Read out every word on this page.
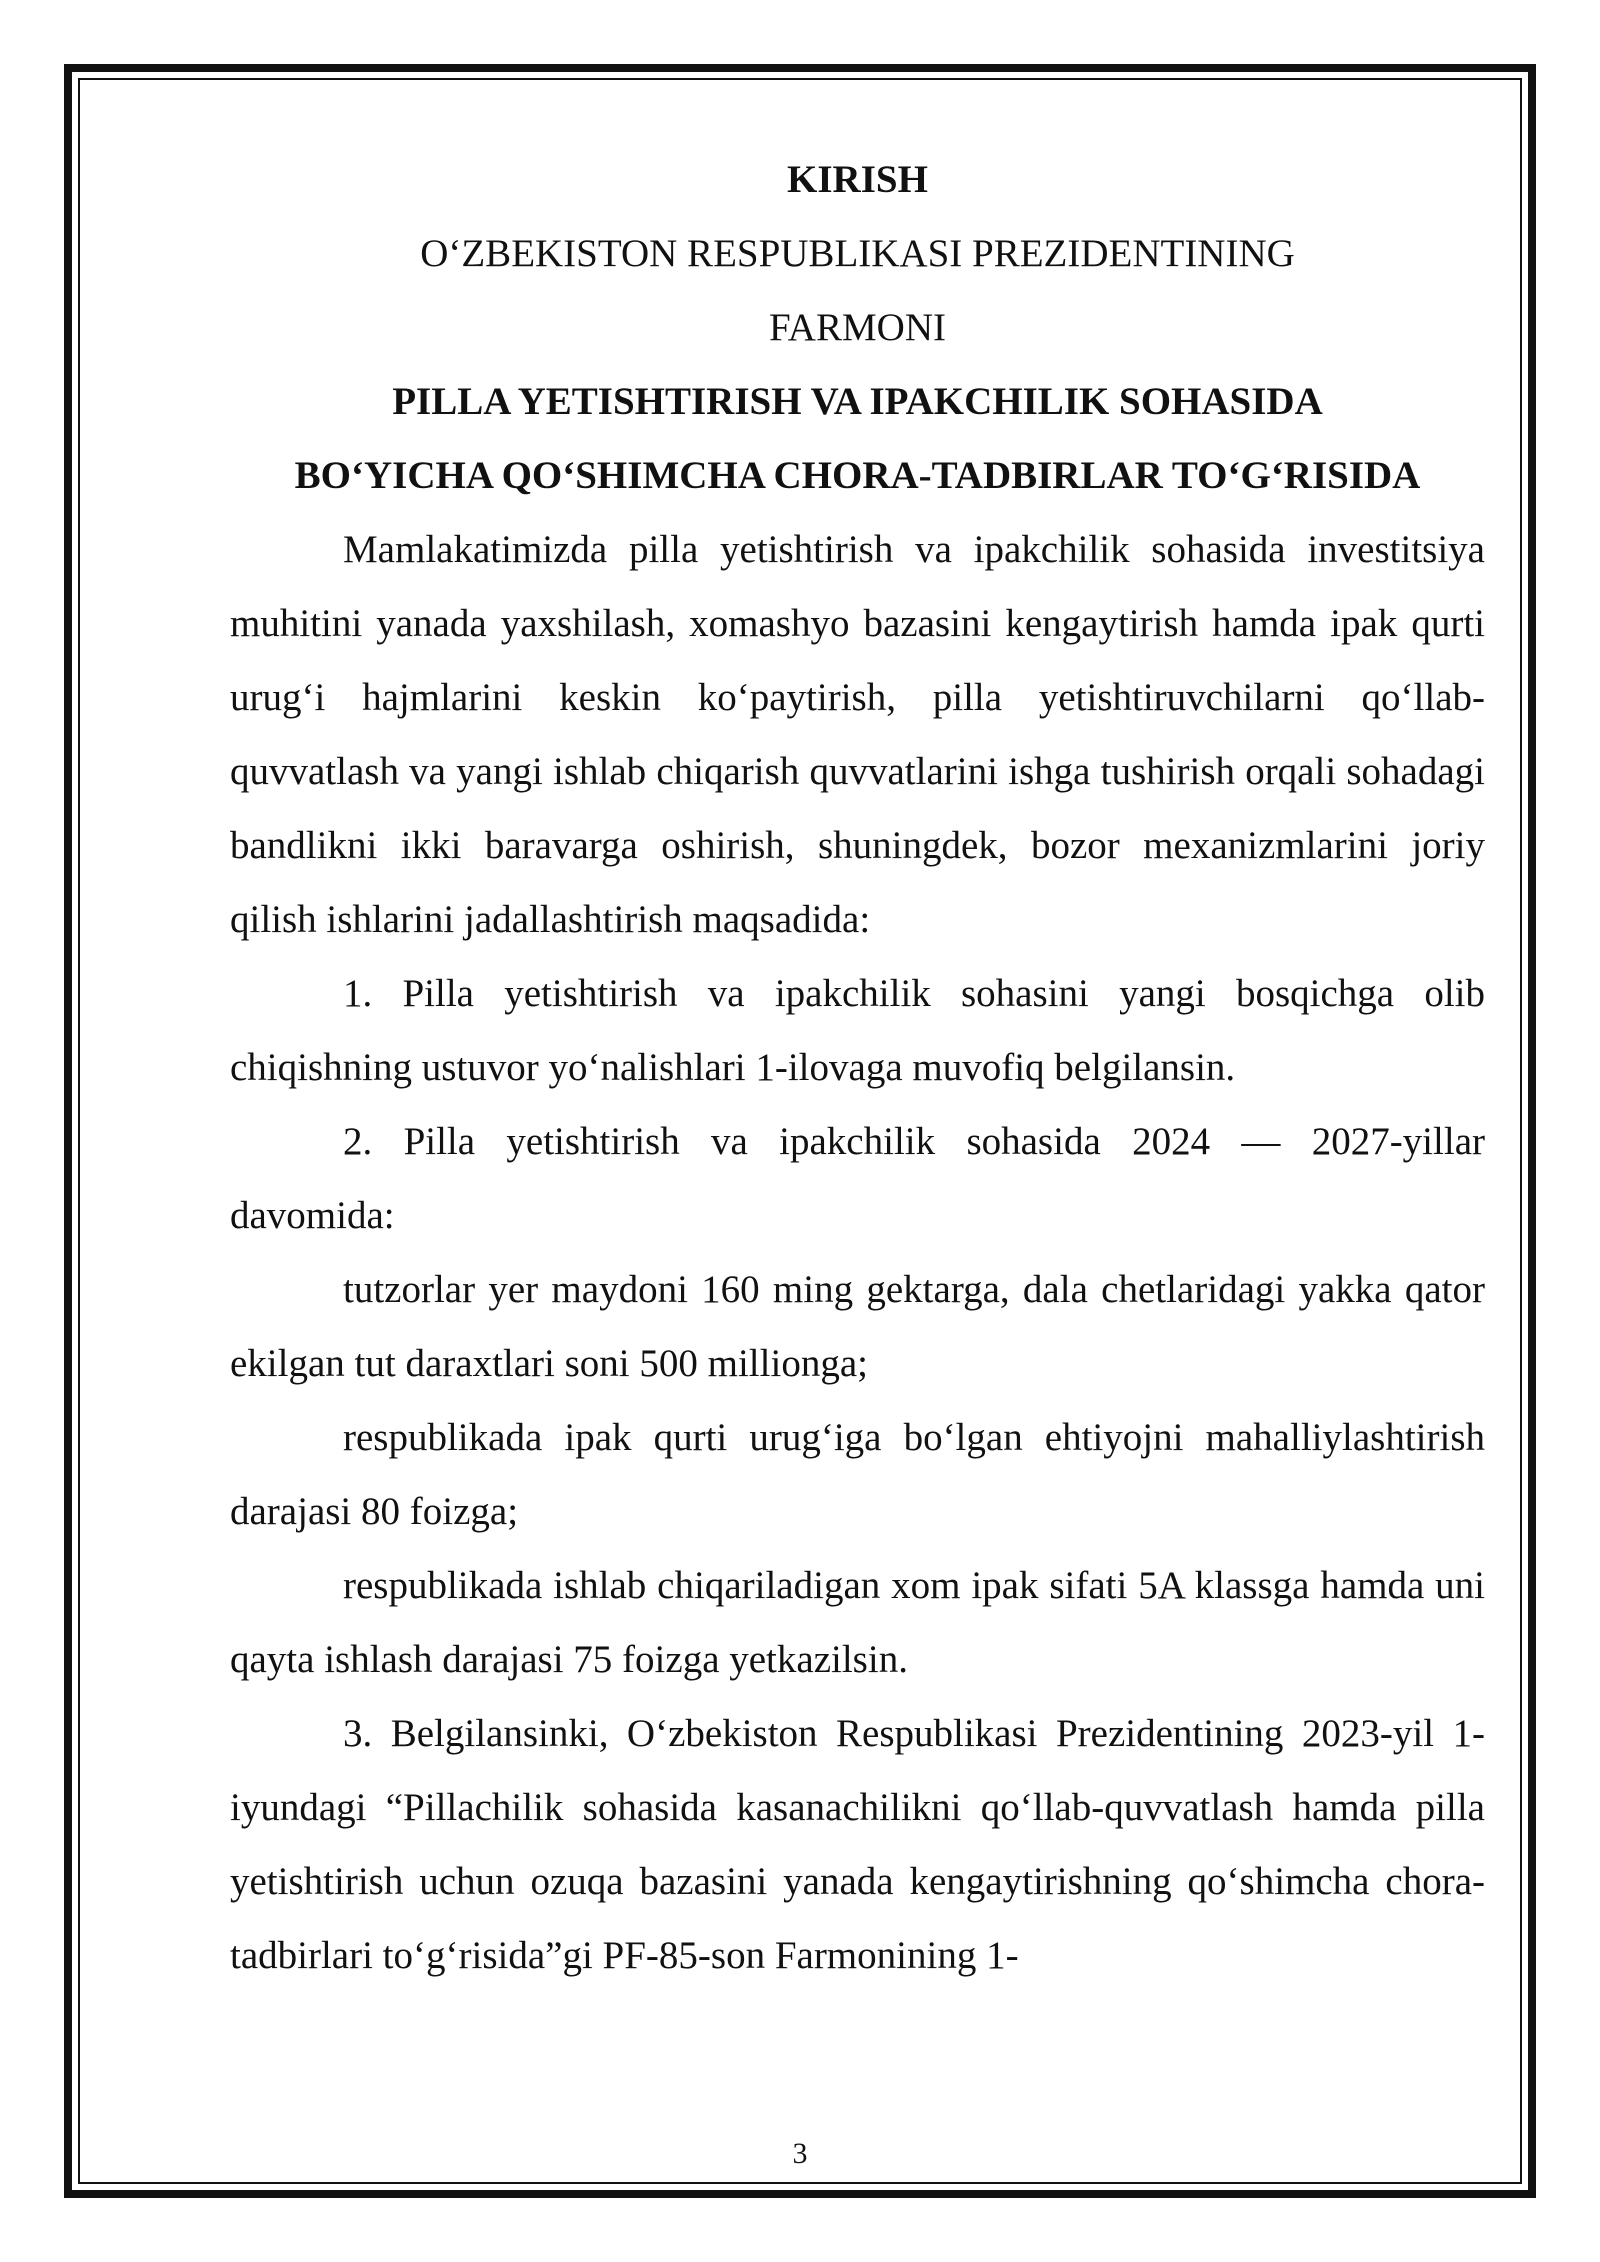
KIRISH

O‘ZBEKISTON RESPUBLIKASI PREZIDENTINING

FARMONI

PILLA YETISHTIRISH VA IPAKCHILIK SOHASIDA

BO‘YICHA QO‘SHIMCHA CHORA-TADBIRLAR TO‘G‘RISIDA

Mamlakatimizda pilla yetishtirish va ipakchilik sohasida investitsiya muhitini yanada yaxshilash, xomashyo bazasini kengaytirish hamda ipak qurti urug‘i hajmlarini keskin ko‘paytirish, pilla yetishtiruvchilarni qo‘llab-quvvatlash va yangi ishlab chiqarish quvvatlarini ishga tushirish orqali sohadagi bandlikni ikki baravarga oshirish, shuningdek, bozor mexanizmlarini joriy qilish ishlarini jadallashtirish maqsadida:

1. Pilla yetishtirish va ipakchilik sohasini yangi bosqichga olib chiqishning ustuvor yo‘nalishlari 1-ilovaga muvofiq belgilansin.

2. Pilla yetishtirish va ipakchilik sohasida 2024 — 2027-yillar davomida:

tutzorlar yer maydoni 160 ming gektarga, dala chetlaridagi yakka qator ekilgan tut daraxtlari soni 500 millionga;

respublikada ipak qurti urug‘iga bo‘lgan ehtiyojni mahalliylashtirish darajasi 80 foizga;

respublikada ishlab chiqariladigan xom ipak sifati 5A klassga hamda uni qayta ishlash darajasi 75 foizga yetkazilsin.

3. Belgilansinki, O‘zbekiston Respublikasi Prezidentining 2023-yil 1-iyundagi “Pillachilik sohasida kasanachilikni qo‘llab-quvvatlash hamda pilla yetishtirish uchun ozuqa bazasini yanada kengaytirishning qo‘shimcha chora-tadbirlari to‘g‘risida”gi PF-85-son Farmonining 1-

3
